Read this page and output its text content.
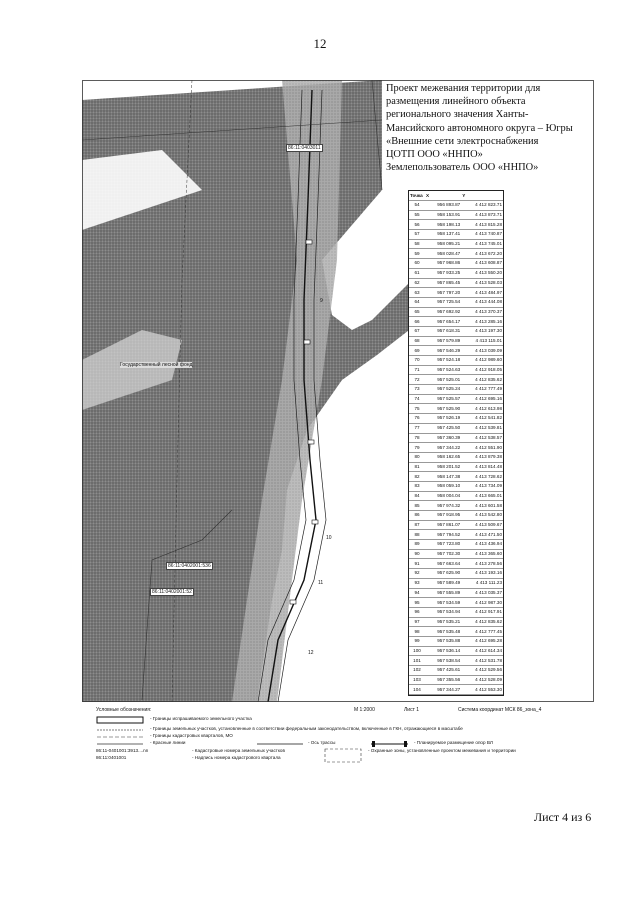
12
86:11:0403011
86:11:0402001:536
86:11:0402001:52
Государственный лесной фонд
10
11
12
9
Проект межевания территории для
размещения линейного объекта
регионального значения Ханты-
Мансийского автономного округа – Югры
«Внешние сети электроснабжения
ЦОТП ООО «ННПО»
Землепользователь ООО «ННПО»
Точка	X	Y
54	956 893.87	4 412 823.71
55	958 153.91	4 413 873.71
56	958 198.13	4 413 815.28
57	958 137.41	4 413 740.87
58	958 095.21	4 413 745.01
59	958 028.47	4 413 672.20
60	957 968.86	4 413 608.87
61	957 933.25	4 413 550.20
62	957 865.45	4 413 528.03
63	957 797.20	4 413 484.97
64	957 725.54	4 413 444.08
65	957 692.92	4 413 370.37
66	957 654.17	4 413 285.16
67	957 618.31	4 413 197.30
68	957 579.89	4 413 115.01
69	957 546.29	4 413 039.09
70	957 524.18	4 412 989.60
71	957 524.63	4 412 918.05
72	957 525.01	4 412 835.62
73	957 525.24	4 412 777.49
74	957 525.57	4 412 695.16
75	957 525.90	4 412 613.98
76	957 526.19	4 412 541.82
77	957 425.50	4 412 539.81
78	957 360.39	4 412 538.57
79	957 344.22	4 412 551.90
80	958 162.65	4 413 879.38
81	958 201.52	4 413 814.48
82	958 147.38	4 413 728.62
83	958 059.10	4 413 734.09
84	958 004.04	4 413 665.01
85	957 974.32	4 413 601.58
86	957 918.95	4 413 542.80
87	957 861.07	4 413 509.67
88	957 794.52	4 413 471.50
89	957 723.80	4 413 436.94
90	957 702.30	4 413 365.60
91	957 663.64	4 413 278.56
92	957 625.90	4 413 193.16
93	957 589.49	4 413 111.23
94	957 555.89	4 413 035.37
95	957 534.59	4 412 987.30
96	957 534.94	4 412 917.91
97	957 535.21	4 412 835.62
98	957 535.48	4 412 777.45
99	957 535.88	4 412 695.28
100	957 536.14	4 412 614.34
101	957 538.54	4 412 531.78
102	957 425.61	4 412 529.56
103	957 355.56	4 412 528.09
104	957 344.27	4 412 553.30
Условные обозначения:	М 1:2000	Лист 1	Система координат МСК 86_зона_4
- Границы испрашиваемого земельного участка
- Границы земельных участков, установленные в соответствии федеральным законодательством, включенные в ГКН, отражающиеся в масштабе
- Границы кадастровых кварталов, МО
- Красные линии	- Ось трассы	- Планируемое размещение опор ВЛ
86:11-0401001:3913....nn	- Кадастровые номера земельных участков
86:11:0401001	- Надпись номера кадастрового квартала
- Охранные зоны, установленные проектом межевания и территории
Лист 4 из 6
